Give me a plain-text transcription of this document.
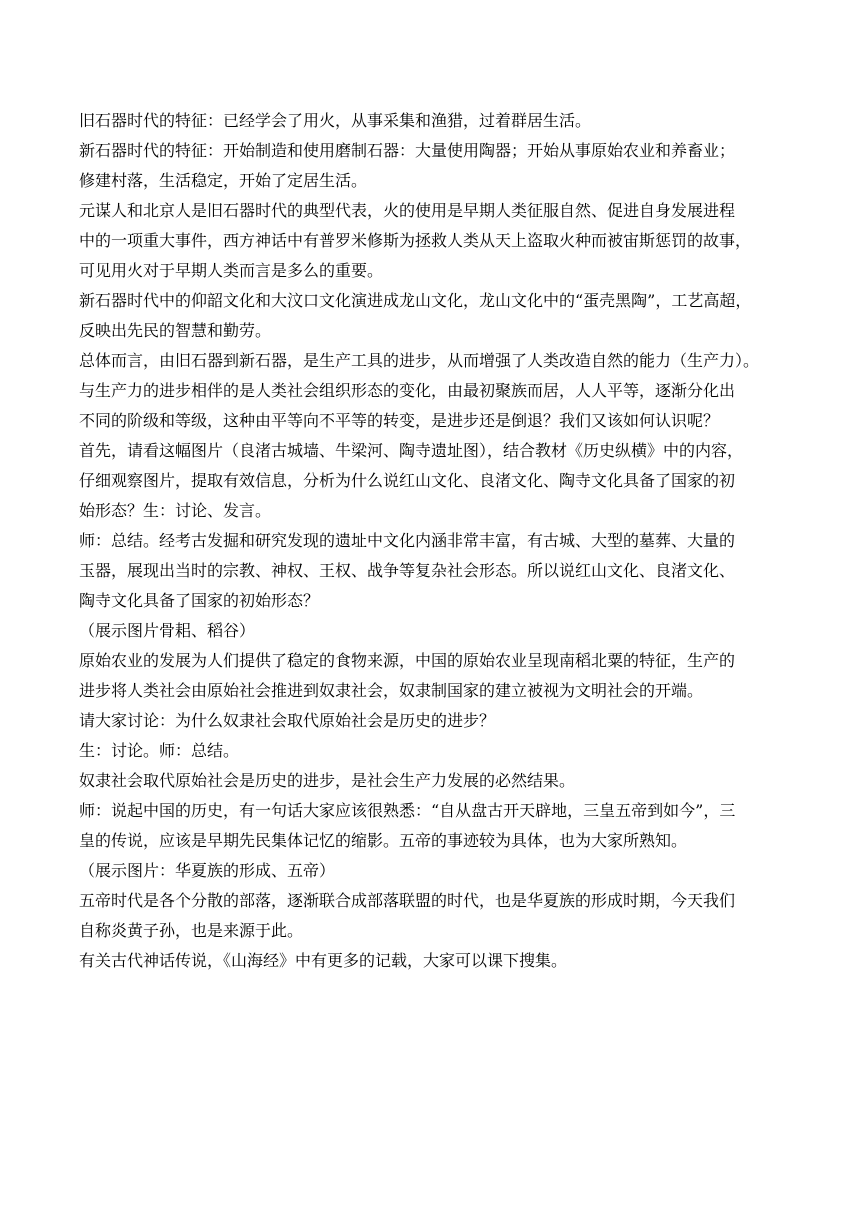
旧石器时代的特征：已经学会了用火，从事采集和渔猎，过着群居生活。

新石器时代的特征：开始制造和使用磨制石器：大量使用陶器；开始从事原始农业和养畜业；
修建村落，生活稳定，开始了定居生活。

元谋人和北京人是旧石器时代的典型代表，火的使用是早期人类征服自然、促进自身发展进程
中的一项重大事件，西方神话中有普罗米修斯为拯救人类从天上盗取火种而被宙斯惩罚的故事，
可见用火对于早期人类而言是多么的重要。

新石器时代中的仰韶文化和大汶口文化演进成龙山文化，龙山文化中的“蛋壳黑陶”，工艺高超，
反映出先民的智慧和勤劳。

总体而言，由旧石器到新石器，是生产工具的进步，从而增强了人类改造自然的能力（生产力）。
与生产力的进步相伴的是人类社会组织形态的变化，由最初聚族而居，人人平等，逐渐分化出
不同的阶级和等级，这种由平等向不平等的转变，是进步还是倒退？我们又该如何认识呢？

首先，请看这幅图片（良渚古城墙、牛梁河、陶寺遗址图），结合教材《历史纵横》中的内容，
仔细观察图片，提取有效信息，分析为什么说红山文化、良渚文化、陶寺文化具备了国家的初
始形态？生：讨论、发言。

师：总结。经考古发掘和研究发现的遗址中文化内涵非常丰富，有古城、大型的墓葬、大量的
玉器，展现出当时的宗教、神权、王权、战争等复杂社会形态。所以说红山文化、良渚文化、
陶寺文化具备了国家的初始形态？

（展示图片骨耜、稻谷）

原始农业的发展为人们提供了稳定的食物来源，中国的原始农业呈现南稻北粟的特征，生产的
进步将人类社会由原始社会推进到奴隶社会，奴隶制国家的建立被视为文明社会的开端。

请大家讨论：为什么奴隶社会取代原始社会是历史的进步？

生：讨论。师：总结。

奴隶社会取代原始社会是历史的进步，是社会生产力发展的必然结果。

师：说起中国的历史，有一句话大家应该很熟悉：“自从盘古开天辟地，三皇五帝到如今”，三
皇的传说，应该是早期先民集体记忆的缩影。五帝的事迹较为具体，也为大家所熟知。

（展示图片：华夏族的形成、五帝）

五帝时代是各个分散的部落，逐渐联合成部落联盟的时代，也是华夏族的形成时期，今天我们
自称炎黄子孙，也是来源于此。

有关古代神话传说，《山海经》中有更多的记载，大家可以课下搜集。
